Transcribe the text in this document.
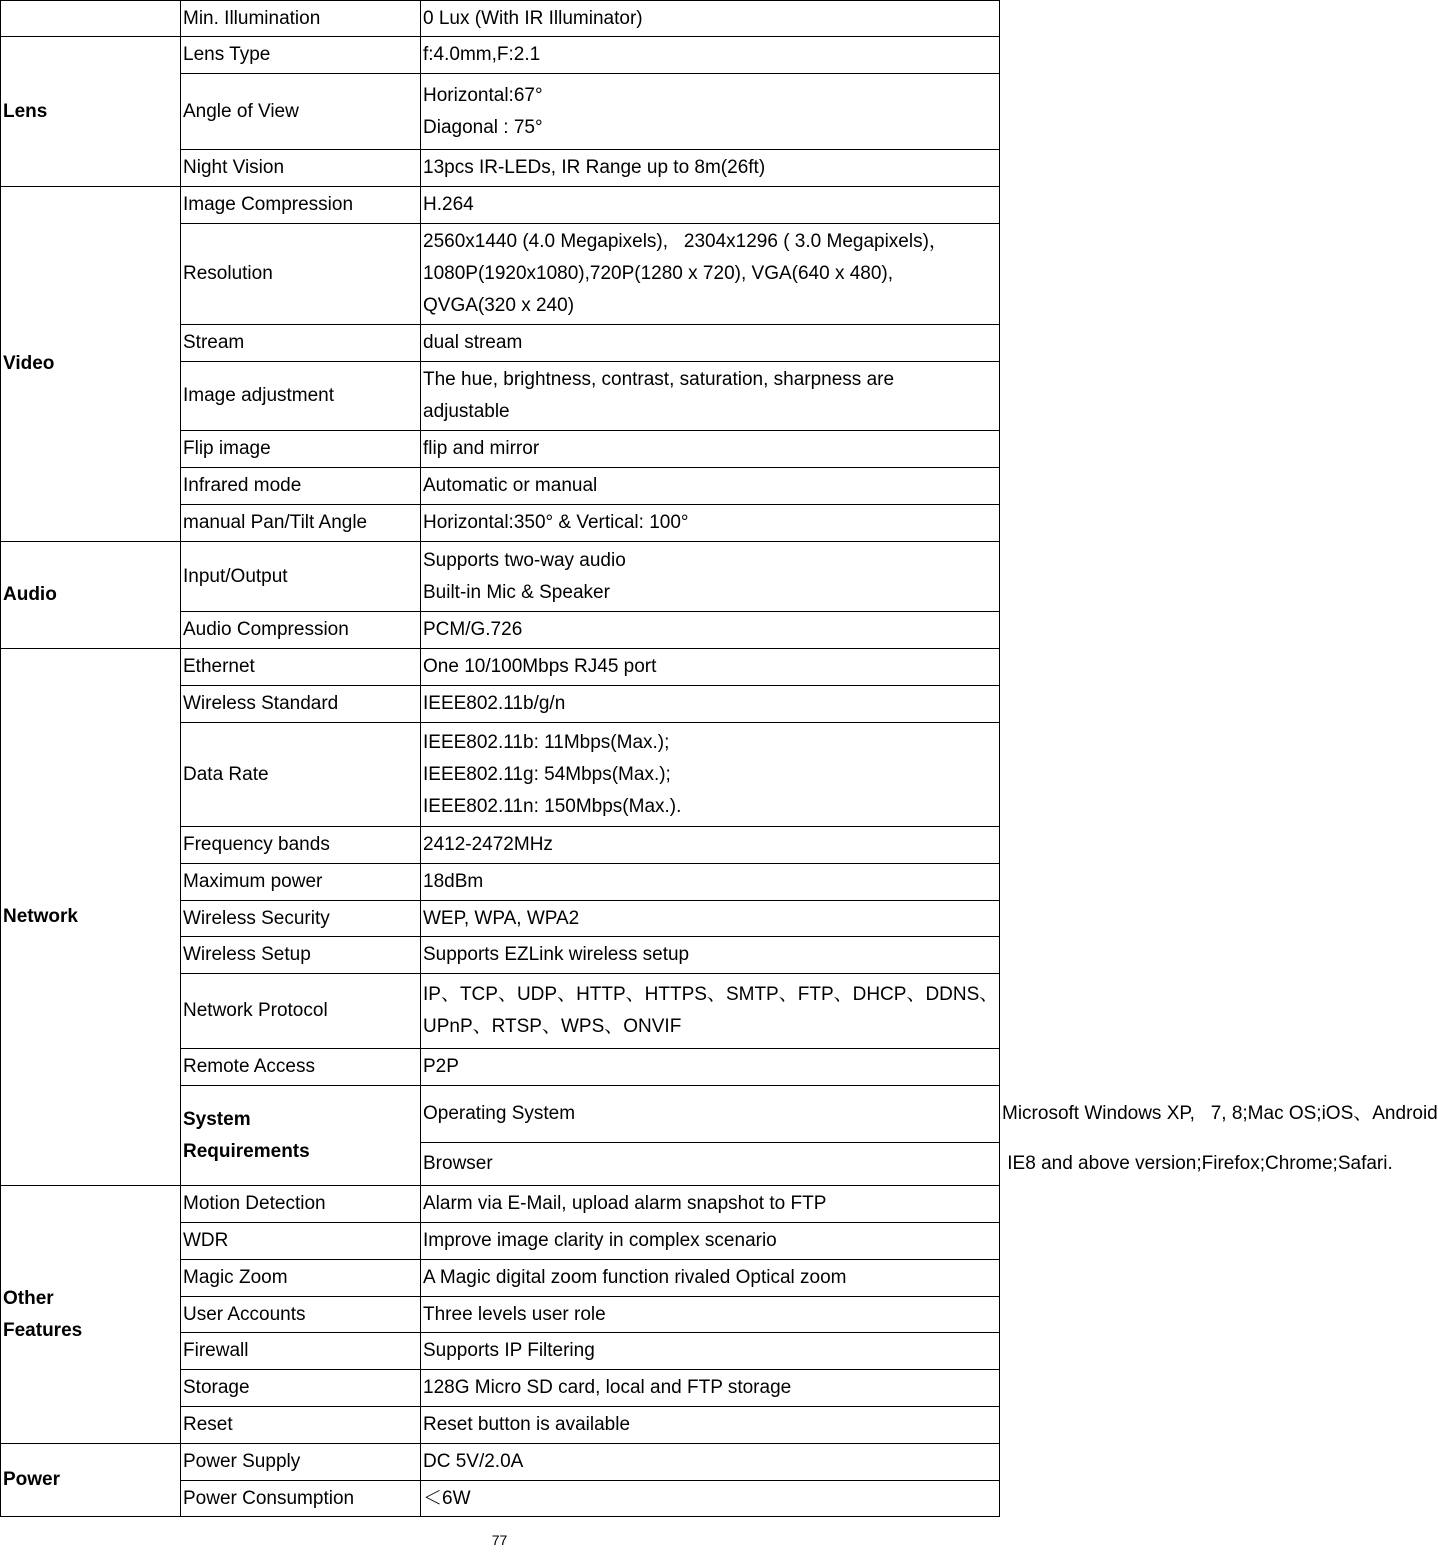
	Min. Illumination	0 Lux (With IR Illuminator)	

Lens	Lens Type	f:4.0mm,F:2.1	

	Angle of View	Horizontal:67°
Diagonal : 75°	

	Night Vision	13pcs IR-LEDs, IR Range up to 8m(26ft)	

Video	Image Compression	H.264	

	Resolution	2560x1440 (4.0 Megapixels),   2304x1296 ( 3.0 Megapixels)，
1080P(1920x1080),720P(1280 x 720), VGA(640 x 480),
QVGA(320 x 240)	

	Stream	dual stream	

	Image adjustment	The hue, brightness, contrast, saturation, sharpness are
adjustable	

	Flip image	flip and mirror	

	Infrared mode	Automatic or manual	

	manual Pan/Tilt Angle	Horizontal:350° & Vertical: 100°	

Audio	Input/Output	Supports two-way audio
Built-in Mic & Speaker	

	Audio Compression	PCM/G.726	

Network	Ethernet	One 10/100Mbps RJ45 port	

	Wireless Standard	IEEE802.11b/g/n	

	Data Rate	IEEE802.11b: 11Mbps(Max.);
IEEE802.11g: 54Mbps(Max.);
IEEE802.11n: 150Mbps(Max.).	

	Frequency bands	2412-2472MHz	

	Maximum power	18dBm	

	Wireless Security	WEP, WPA, WPA2	

	Wireless Setup	Supports EZLink wireless setup	

	Network Protocol	IP、TCP、UDP、HTTP、HTTPS、SMTP、FTP、DHCP、DDNS、
UPnP、RTSP、WPS、ONVIF	

	Remote Access	P2P	

	System
Requirements	Operating System	Microsoft Windows XP,   7, 8;Mac OS;iOS、Android

		Browser	IE8 and above version;Firefox;Chrome;Safari.

Other
Features	Motion Detection	Alarm via E-Mail, upload alarm snapshot to FTP	

	WDR	Improve image clarity in complex scenario	

	Magic Zoom	A Magic digital zoom function rivaled Optical zoom	

	User Accounts	Three levels user role	

	Firewall	Supports IP Filtering	

	Storage	128G Micro SD card, local and FTP storage	

	Reset	Reset button is available	

Power	Power Supply	DC 5V/2.0A	

	Power Consumption	＜6W	
77
